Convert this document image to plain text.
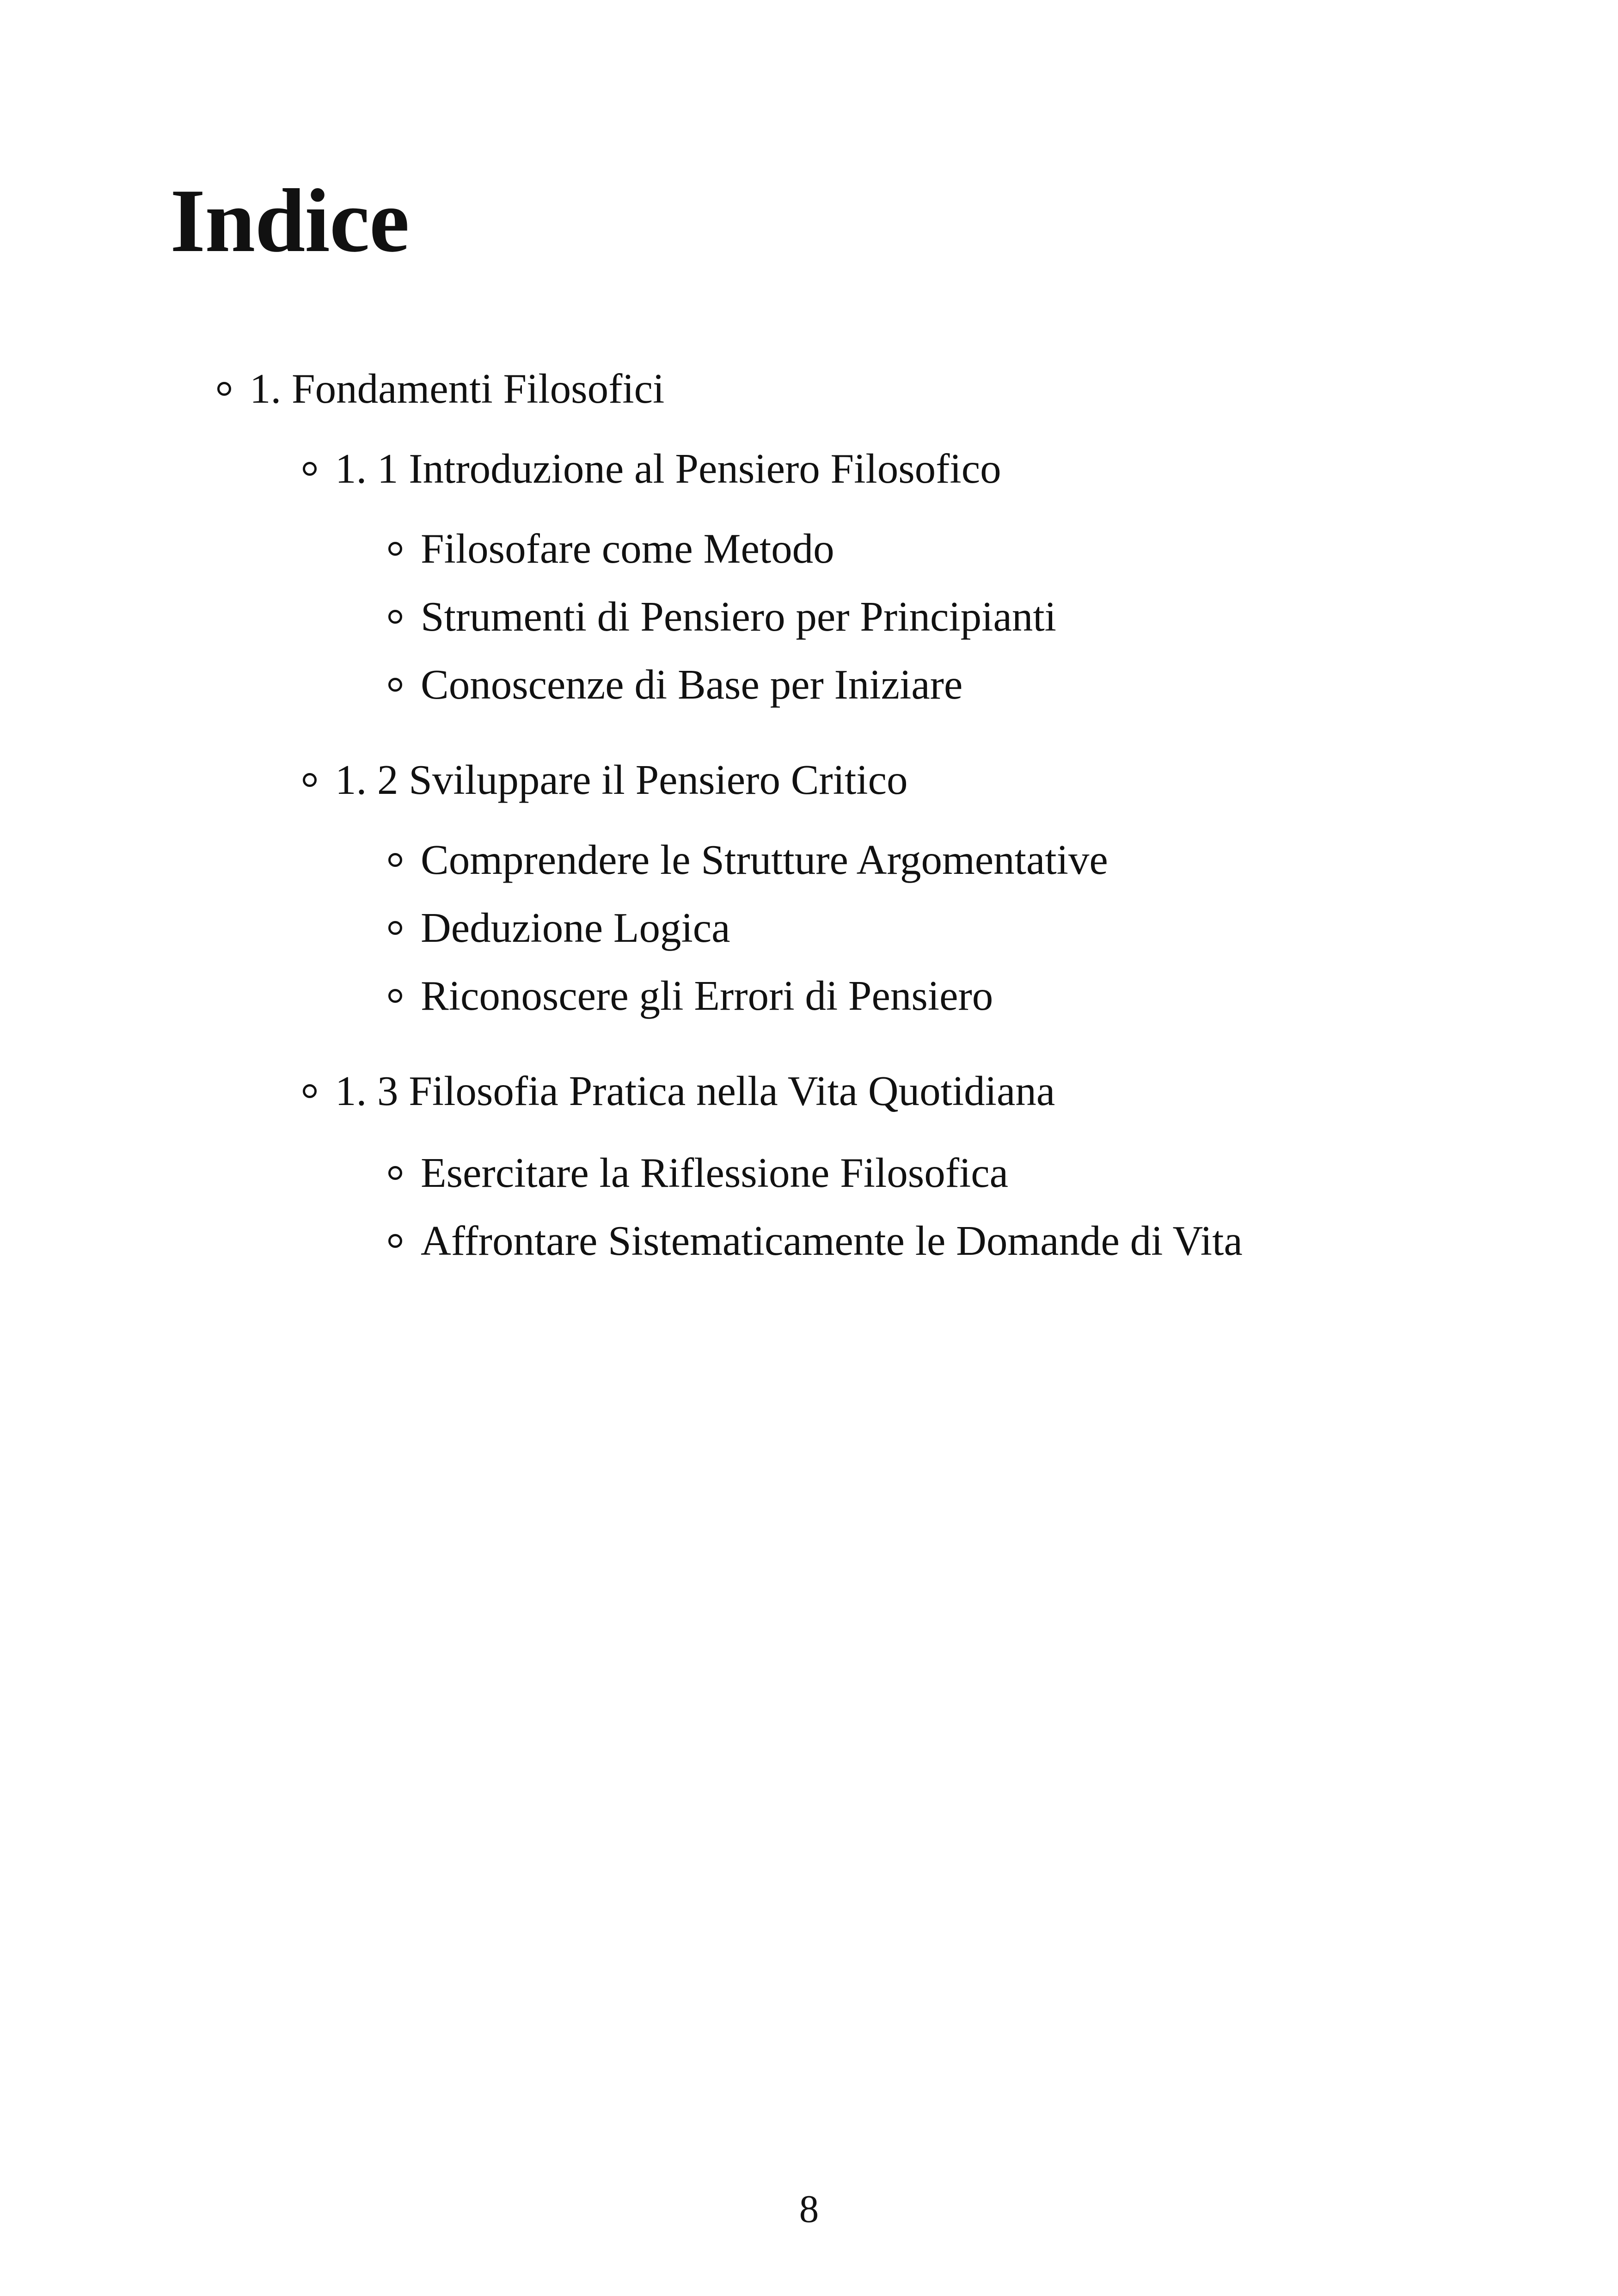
Indice
1. Fondamenti Filosofici
1. 1 Introduzione al Pensiero Filosofico
Filosofare come Metodo
Strumenti di Pensiero per Principianti
Conoscenze di Base per Iniziare
1. 2 Sviluppare il Pensiero Critico
Comprendere le Strutture Argomentative
Deduzione Logica
Riconoscere gli Errori di Pensiero
1. 3 Filosofia Pratica nella Vita Quotidiana
Esercitare la Riflessione Filosofica
Affrontare Sistematicamente le Domande di Vita
8
